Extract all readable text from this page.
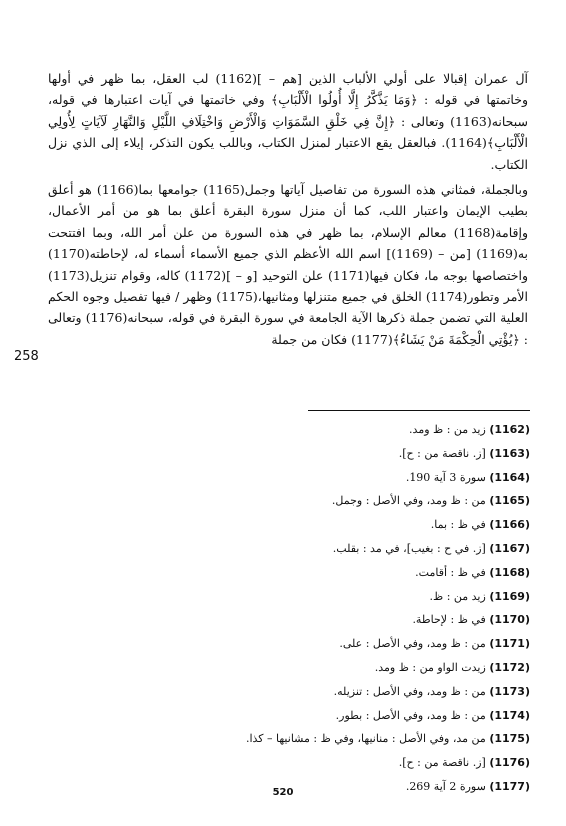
آل عمران إقبالا على أولي الألباب الذين [هم – ](1162) لب العقل، بما ظهر في أولها وخاتمتها في قوله : ﴿وَمَا يَذَّكَّرُ إِلَّا أُولُوا الْأَلْبَابِ﴾ وفي خاتمتها في آيات اعتبارها في قوله، سبحانه(1163) وتعالى : ﴿إِنَّ فِي خَلْقِ السَّمَوَاتِ وَالْأَرْضِ وَاخْتِلَافِ اللَّيْلِ وَالنَّهَارِ لَآيَاتٍ لِأُولِي الْأَلْبَابِ﴾(1164). فبالعقل يقع الاعتبار لمنزل الكتاب، وباللب يكون التذكر، إيلاء إلى الذي نزل الكتاب.

وبالجملة، فمثاني هذه السورة من تفاصيل آياتها وجمل(1165) جوامعها بما(1166) هو أعلق بطيب الإيمان واعتبار اللب، كما أن منزل سورة البقرة أعلق بما هو من أمر الأعمال، وإقامة(1168) معالم الإسلام، بما ظهر في هذه السورة من علن أمر الله، وبما افتتحت به(1169) [من – (1169)] اسم الله الأعظم الذي جميع الأسماء أسماء له، لإحاطته(1170) واختصاصها بوجه ما، فكان فيها(1171) علن التوحيد [و – ](1172) كاله، وقوام تنزيل(1173) الأمر وتطور(1174) الخلق في جميع متنزلها ومثانيها،(1175) وظهر / فيها تفصيل وجوه الحكم العلية التي تضمن جملة ذكرها الآية الجامعة في سورة البقرة في قوله، سبحانه(1176) وتعالى : ﴿يُؤْتِي الْحِكْمَةَ مَنْ يَشَاءُ﴾(1177) فكان من جملة

258
(1162) زيد من : ظ ومد.
(1163) [ز. ناقصة من : ح].
(1164) سورة 3 آية 190.
(1165) من : ظ ومد، وفي الأصل : وجمل.
(1166) في ظ : بما.
(1167) [ز. في ح : بغيب]، في مد : بقلب.
(1168) في ظ : أقامت.
(1169) زيد من : ظ.
(1170) في ظ : لإحاطة.
(1171) من : ظ ومد، وفي الأصل : على.
(1172) زيدت الواو من : ظ ومد.
(1173) من : ظ ومد، وفي الأصل : تنزيله.
(1174) من : ظ ومد، وفي الأصل : بطور.
(1175) من مد، وفي الأصل : منانيها، وفي ظ : مشانيها – كذا.
(1176) [ز. ناقصة من : ح].
(1177) سورة 2 آية 269.
520
